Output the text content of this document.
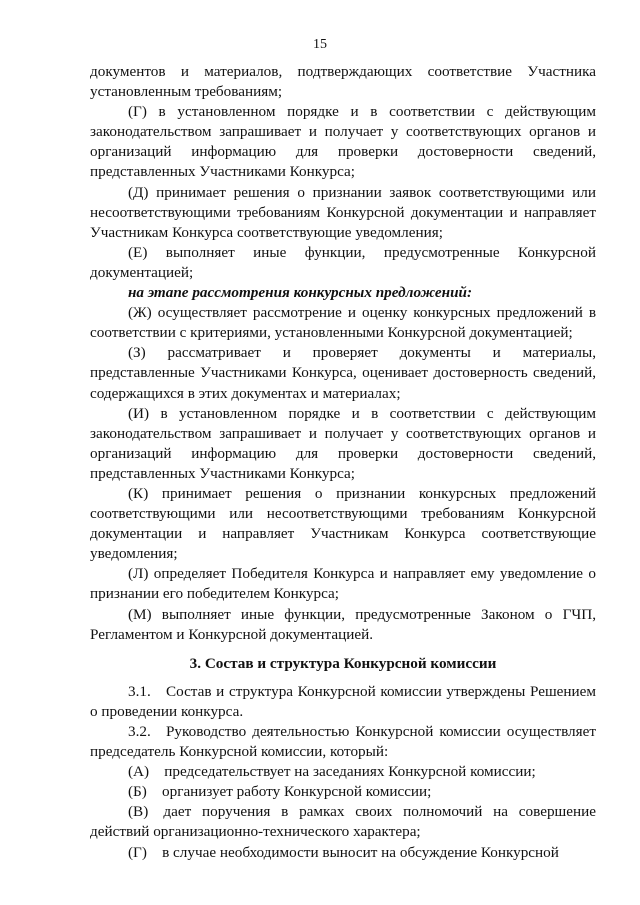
15

документов и материалов, подтверждающих соответствие Участника установленным требованиям;

(Г) в установленном порядке и в соответствии с действующим законодательством запрашивает и получает у соответствующих органов и организаций информацию для проверки достоверности сведений, представленных Участниками Конкурса;

(Д) принимает решения о признании заявок соответствующими или несоответствующими требованиям Конкурсной документации и направляет Участникам Конкурса соответствующие уведомления;

(Е) выполняет иные функции, предусмотренные Конкурсной документацией;

на этапе рассмотрения конкурсных предложений:

(Ж) осуществляет рассмотрение и оценку конкурсных предложений в соответствии с критериями, установленными Конкурсной документацией;

(З) рассматривает и проверяет документы и материалы, представленные Участниками Конкурса, оценивает достоверность сведений, содержащихся в этих документах и материалах;

(И) в установленном порядке и в соответствии с действующим законодательством запрашивает и получает у соответствующих органов и организаций информацию для проверки достоверности сведений, представленных Участниками Конкурса;

(К) принимает решения о признании конкурсных предложений соответствующими или несоответствующими требованиям Конкурсной документации и направляет Участникам Конкурса соответствующие уведомления;

(Л) определяет Победителя Конкурса и направляет ему уведомление о признании его победителем Конкурса;

(М) выполняет иные функции, предусмотренные Законом о ГЧП, Регламентом и Конкурсной документацией.

3. Состав и структура Конкурсной комиссии

3.1. Состав и структура Конкурсной комиссии утверждены Решением о проведении конкурса.

3.2. Руководство деятельностью Конкурсной комиссии осуществляет председатель Конкурсной комиссии, который:

(А) председательствует на заседаниях Конкурсной комиссии;

(Б) организует работу Конкурсной комиссии;

(В) дает поручения в рамках своих полномочий на совершение действий организационно-технического характера;

(Г) в случае необходимости выносит на обсуждение Конкурсной
